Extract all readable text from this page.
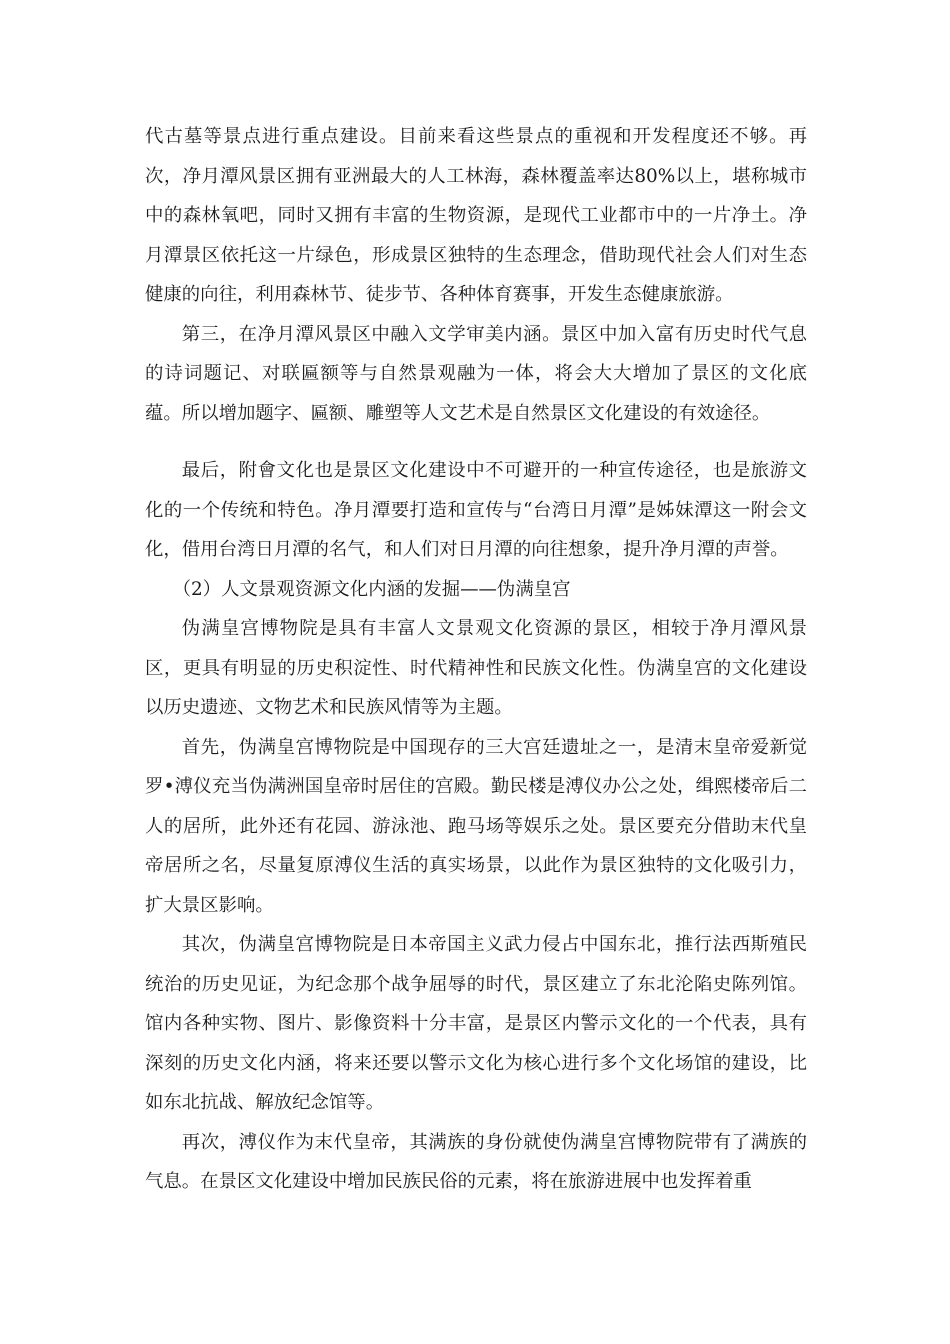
代古墓等景点进行重点建设。目前来看这些景点的重视和开发程度还不够。再次，净月潭风景区拥有亚洲最大的人工林海，森林覆盖率达80%以上，堪称城市中的森林氧吧，同时又拥有丰富的生物资源，是现代工业都市中的一片净土。净月潭景区依托这一片绿色，形成景区独特的生态理念，借助现代社会人们对生态健康的向往，利用森林节、徒步节、各种体育赛事，开发生态健康旅游。

第三，在净月潭风景区中融入文学审美内涵。景区中加入富有历史时代气息的诗词题记、对联匾额等与自然景观融为一体，将会大大增加了景区的文化底蕴。所以增加题字、匾额、雕塑等人文艺术是自然景区文化建设的有效途径。

最后，附會文化也是景区文化建设中不可避开的一种宣传途径，也是旅游文化的一个传统和特色。净月潭要打造和宣传与“台湾日月潭”是姊妹潭这一附会文化，借用台湾日月潭的名气，和人们对日月潭的向往想象，提升净月潭的声誉。

（2）人文景观资源文化内涵的发掘——伪满皇宫

伪满皇宫博物院是具有丰富人文景观文化资源的景区，相较于净月潭风景区，更具有明显的历史积淀性、时代精神性和民族文化性。伪满皇宫的文化建设以历史遗迹、文物艺术和民族风情等为主题。

首先，伪满皇宫博物院是中国现存的三大宫廷遗址之一，是清末皇帝爱新觉罗•溥仪充当伪满洲国皇帝时居住的宫殿。勤民楼是溥仪办公之处，缉熙楼帝后二人的居所，此外还有花园、游泳池、跑马场等娱乐之处。景区要充分借助末代皇帝居所之名，尽量复原溥仪生活的真实场景，以此作为景区独特的文化吸引力，扩大景区影响。

其次，伪满皇宫博物院是日本帝国主义武力侵占中国东北，推行法西斯殖民统治的历史见证，为纪念那个战争屈辱的时代，景区建立了东北沦陷史陈列馆。馆内各种实物、图片、影像资料十分丰富，是景区内警示文化的一个代表，具有深刻的历史文化内涵，将来还要以警示文化为核心进行多个文化场馆的建设，比如东北抗战、解放纪念馆等。

再次，溥仪作为末代皇帝，其满族的身份就使伪满皇宫博物院带有了满族的气息。在景区文化建设中增加民族民俗的元素，将在旅游进展中也发挥着重
